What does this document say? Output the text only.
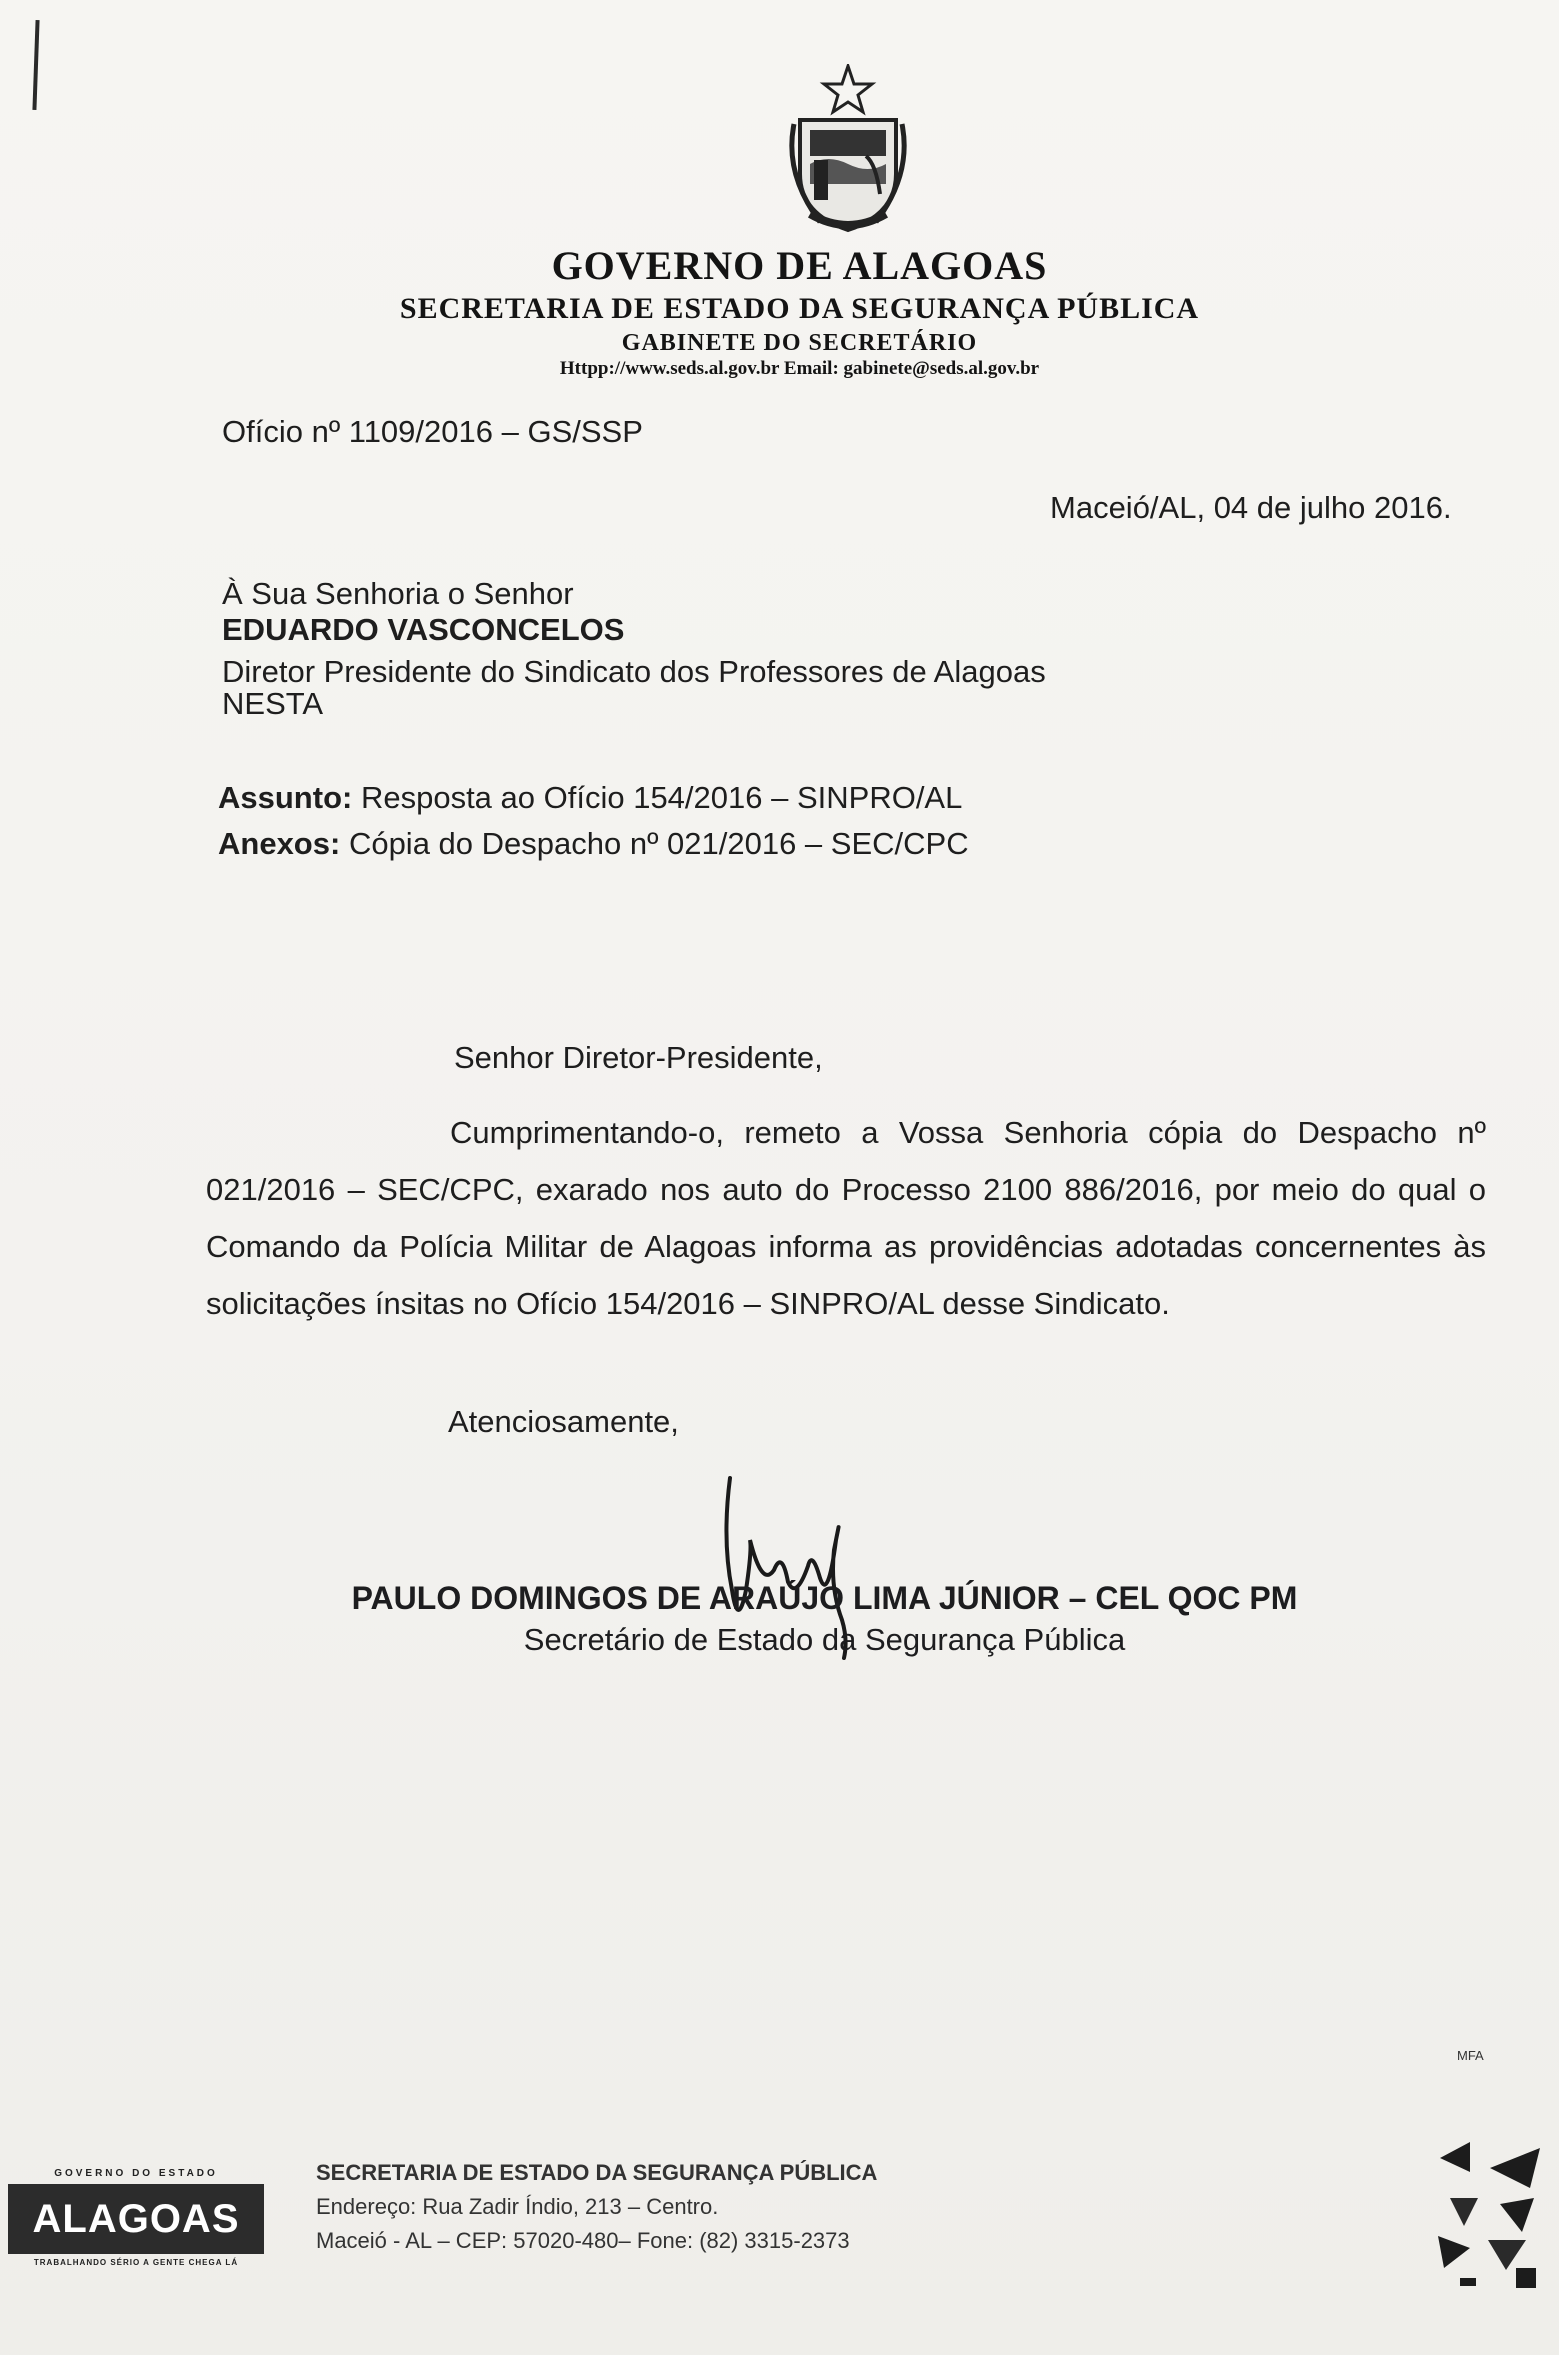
GOVERNO DE ALAGOAS
SECRETARIA DE ESTADO DA SEGURANÇA PÚBLICA
GABINETE DO SECRETÁRIO
Httpp://www.seds.al.gov.br Email: gabinete@seds.al.gov.br
Ofício nº 1109/2016 – GS/SSP
Maceió/AL, 04 de julho 2016.
À Sua Senhoria o Senhor
EDUARDO VASCONCELOS
Diretor Presidente do Sindicato dos Professores de Alagoas
NESTA
Assunto: Resposta ao Ofício 154/2016 – SINPRO/AL
Anexos: Cópia do Despacho nº 021/2016 – SEC/CPC
Senhor Diretor-Presidente,
Cumprimentando-o, remeto a Vossa Senhoria cópia do Despacho nº 021/2016 – SEC/CPC, exarado nos auto do Processo 2100 886/2016, por meio do qual o Comando da Polícia Militar de Alagoas informa as providências adotadas concernentes às solicitações ínsitas no Ofício 154/2016 – SINPRO/AL desse Sindicato.
Atenciosamente,
PAULO DOMINGOS DE ARAÚJO LIMA JÚNIOR – CEL QOC PM
Secretário de Estado da Segurança Pública
MFA
GOVERNO DO ESTADO
ALAGOAS
TRABALHANDO SÉRIO A GENTE CHEGA LÁ
SECRETARIA DE ESTADO DA SEGURANÇA PÚBLICA
Endereço: Rua Zadir Índio, 213 – Centro.
Maceió - AL – CEP: 57020-480– Fone: (82) 3315-2373
